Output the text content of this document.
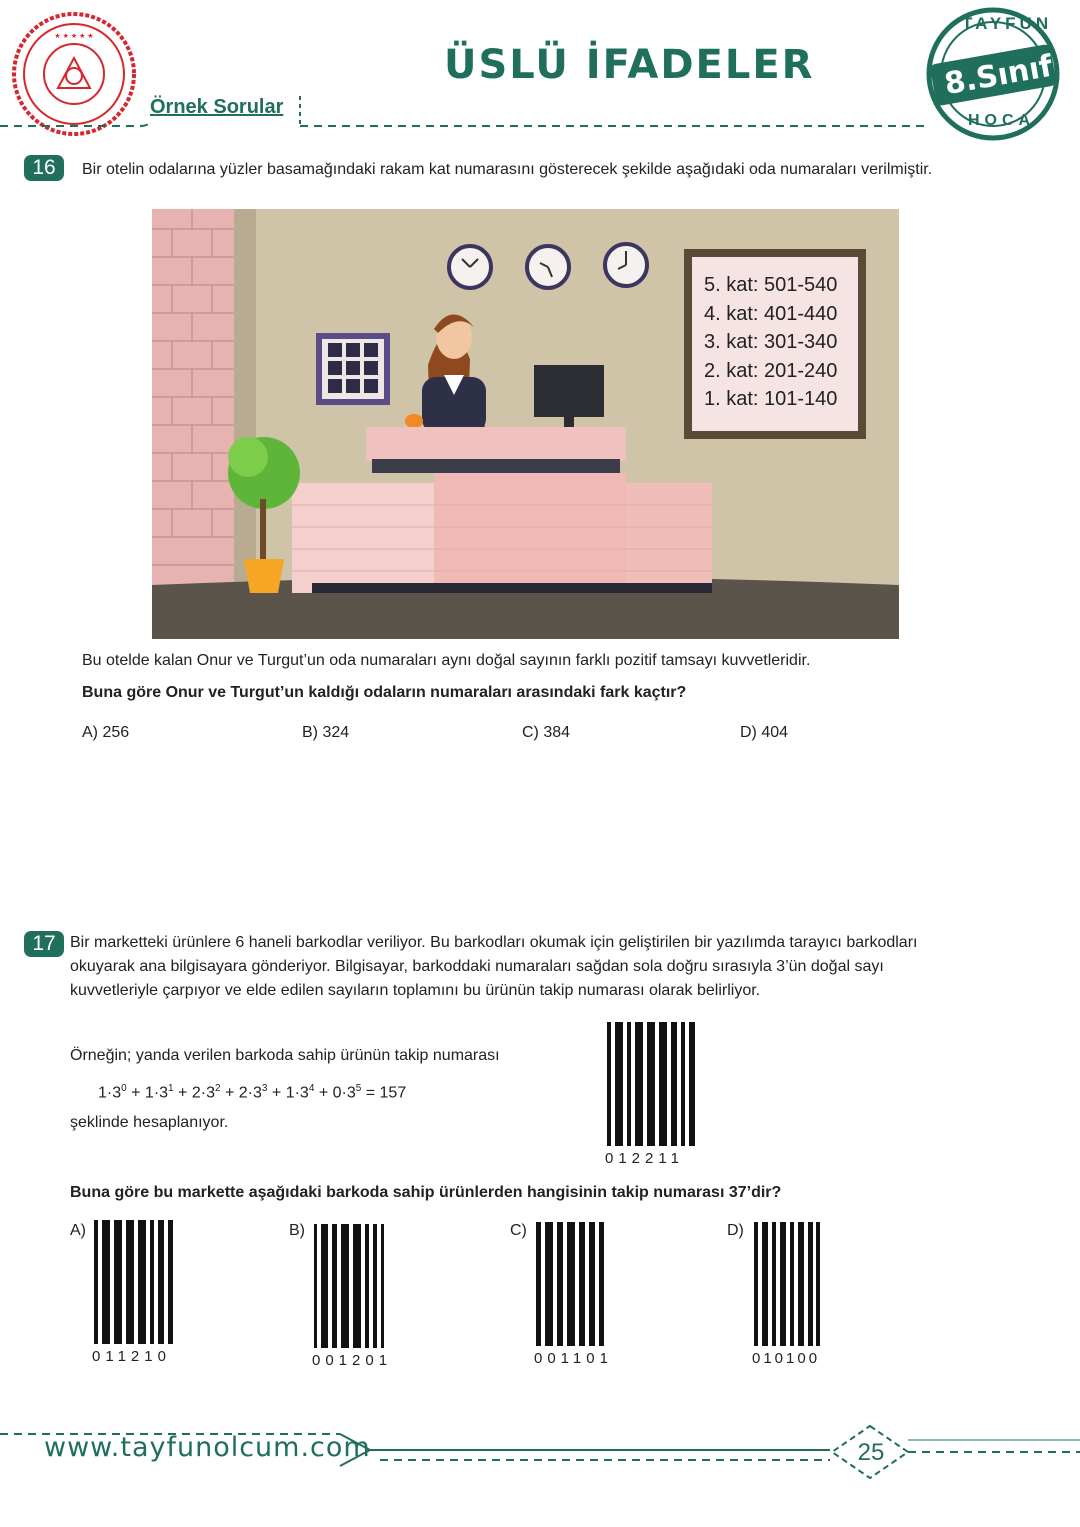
★ ★ ★ ★ ★
ÜSLÜ İFADELER
Örnek Sorular
TAYFUN
8.Sınıf
HOCA
16	Bir otelin odalarına yüzler basamağındaki rakam kat numarasını gösterecek şekilde aşağıdaki oda numaraları verilmiştir.
5. kat: 501-540
4. kat: 401-440
3. kat: 301-340
2. kat: 201-240
1. kat: 101-140
Bu otelde kalan Onur ve Turgut’un oda numaraları aynı doğal sayının farklı pozitif tamsayı kuvvetleridir.
Buna göre Onur ve Turgut’un kaldığı odaların numaraları arasındaki fark kaçtır?
A) 256	B) 324	C) 384	D) 404
17 Bir marketteki ürünlere 6 haneli barkodlar veriliyor. Bu barkodları okumak için geliştirilen bir yazılımda tarayıcı barkodları
okuyarak ana bilgisayara gönderiyor. Bilgisayar, barkoddaki numaraları sağdan sola doğru sırasıyla 3’ün doğal sayı
kuvvetleriyle çarpıyor ve elde edilen sayıların toplamını bu ürünün takip numarası olarak belirliyor.
Örneğin; yanda verilen barkoda sahip ürünün takip numarası
$1\cdot 3^0 + 1\cdot 3^1 + 2\cdot 3^2 + 2\cdot 3^3 + 1\cdot 3^4 + 0\cdot 3^5 = 157$
şeklinde hesaplanıyor.
012211
Buna göre bu markette aşağıdaki barkoda sahip ürünlerden hangisinin takip numarası 37’dir?
A)
011210
B)
001201
C)
001101
D)
010100
www.tayfunolcum.com	25
